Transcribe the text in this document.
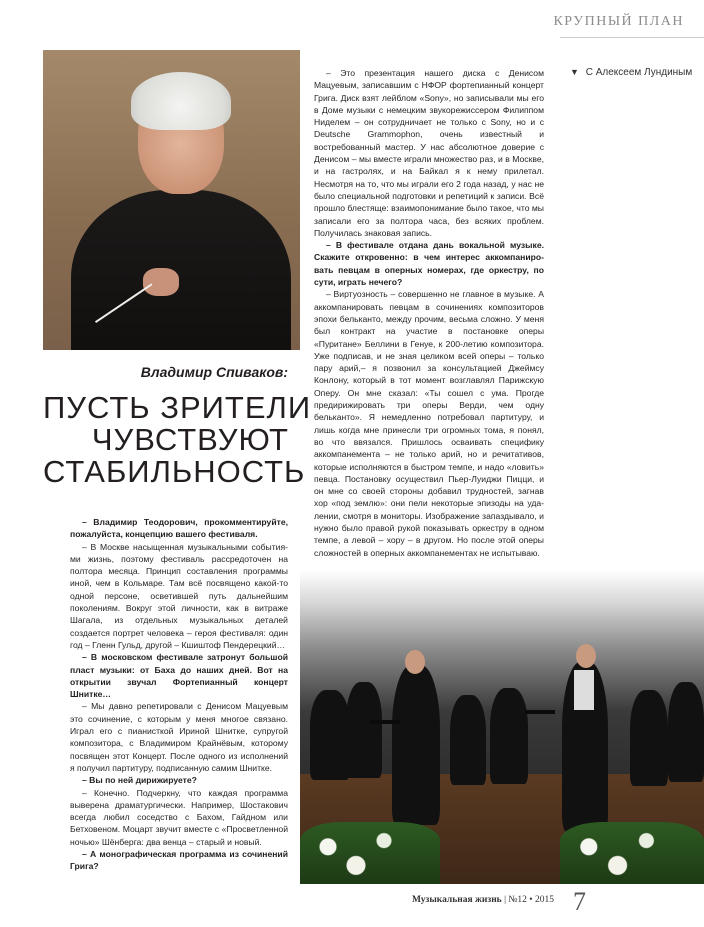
КРУПНЫЙ ПЛАН
▼ С Алексеем Лундиным
Владимир Спиваков:
ПУСТЬ ЗРИТЕЛИ
ЧУВСТВУЮТ
СТАБИЛЬНОСТЬ

– Владимир Теодорович, прокомментируйте, пожалуйста, концепцию вашего фестиваля.

– В Москве насыщенная музыкальными событиями жизнь, поэтому фестиваль рассредоточен на полтора месяца. Принцип составления программы иной, чем в Кольмаре. Там всё посвящено какой-то одной персоне, осветившей путь дальнейшим поколениям. Вокруг этой личности, как в витраже Шагала, из отдельных музыкальных деталей создается портрет человека – героя фестиваля: один год – Гленн Гульд, другой – Кшиштоф Пендерецкий…

– В московском фестивале затронут большой пласт музыки: от Баха до наших дней. Вот на открытии звучал Фортепианный концерт Шнитке…

– Мы давно репетировали с Денисом Мацуевым это сочинение, с которым у меня многое связано. Играл его с пианисткой Ириной Шнитке, супругой композитора, с Владимиром Крайнёвым, которому посвящен этот Концерт. После одного из исполнений я получил партитуру, подписанную самим Шнитке.

– Вы по ней дирижируете?

– Конечно. Подчеркну, что каждая программа выверена драматургически. Например, Шостакович всегда любил соседство с Бахом, Гайдном или Бетховеном. Моцарт звучит вместе с «Просветленной ночью» Шёнберга: два венца – старый и новый.

– А монографическая программа из сочинений Грига?

– Это презентация нашего диска с Денисом Мацуевым, записавшим с НФОР фортепианный концерт Грига. Диск взят лейблом «Sony», но записывали мы его в Доме музыки с немецким звукорежиссером Филиппом Ниделем – он сотрудничает не только с Sony, но и с Deutsche Grammophon, очень известный и востребованный мастер. У нас абсолютное доверие с Денисом – мы вместе играли множество раз, и в Москве, и на гастролях, и на Байкал я к нему прилетал. Несмотря на то, что мы играли его 2 года назад, у нас не было специальной подготовки и репетиций к записи. Всё прошло блестяще: взаимопонимание было такое, что мы записали его за полтора часа, без всяких проблем. Получилась знаковая запись.

– В фестивале отдана дань вокальной музыке. Скажите откровенно: в чем интерес аккомпанировать певцам в оперных номерах, где оркестру, по сути, играть нечего?

– Виртуозность – совершенно не главное в музыке. А аккомпанировать певцам в сочинениях композиторов эпохи бельканто, между прочим, весьма сложно. У меня был контракт на участие в постановке оперы «Пуритане» Беллини в Генуе, к 200-летию композитора. Уже подписав, и не зная целиком всей оперы – только пару арий,– я позвонил за консультацией Джеймсу Конлону, который в тот момент возглавлял Парижскую Оперу. Он мне сказал: «Ты сошел с ума. Прогде предирижировать три оперы Верди, чем одну бельканто». Я немедленно потребовал партитуру, и лишь когда мне принесли три огромных тома, я понял, во что ввязался. Пришлось осваивать специфику аккомпанемента – не только арий, но и речитативов, которые исполняются в быстром темпе, и надо «ловить» певца. Постановку осуществил Пьер-Луиджи Пицци, и он мне со своей стороны добавил трудностей, загнав хор «под землю»: они пели некоторые эпизоды на удалении, смотря в мониторы. Изображение запаздывало, и нужно было правой рукой показывать оркестру в одном темпе, а левой – хору – в другом. Но после этой оперы сложностей в оперных аккомпанементах не испытываю.

Музыкальная жизнь | №12 • 2015 7
